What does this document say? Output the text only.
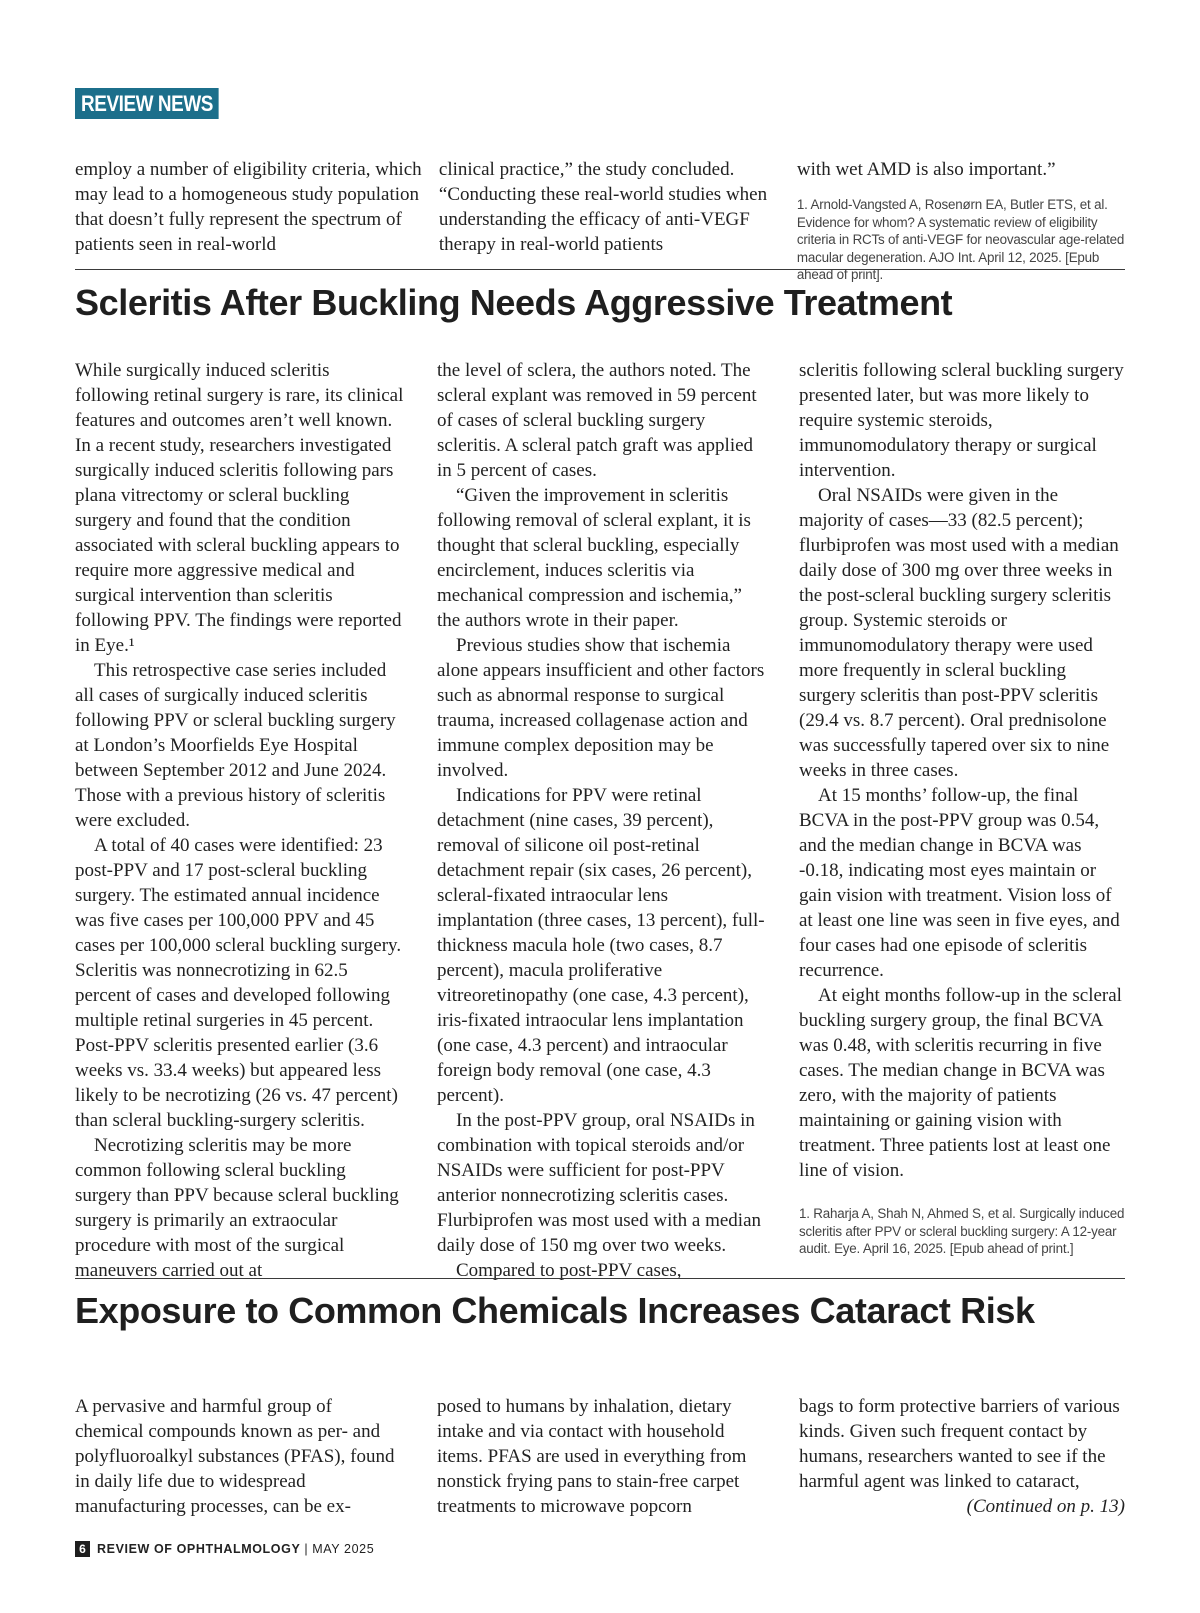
REVIEW NEWS

employ a number of eligibility criteria, which may lead to a homogeneous study population that doesn’t fully represent the spectrum of patients seen in real-world

clinical practice,” the study concluded. “Conducting these real-world studies when understanding the efficacy of anti-VEGF therapy in real-world patients

with wet AMD is also important.”

1. Arnold-Vangsted A, Rosenørn EA, Butler ETS, et al. Evidence for whom? A systematic review of eligibility criteria in RCTs of anti-VEGF for neovascular age-related macular degeneration. AJO Int. April 12, 2025. [Epub ahead of print].
Scleritis After Buckling Needs Aggressive Treatment

While surgically induced scleritis following retinal surgery is rare, its clinical features and outcomes aren’t well known. In a recent study, researchers investigated surgically induced scleritis following pars plana vitrectomy or scleral buckling surgery and found that the condition associated with scleral buckling appears to require more aggressive medical and surgical intervention than scleritis following PPV. The findings were reported in Eye.¹

This retrospective case series included all cases of surgically induced scleritis following PPV or scleral buckling surgery at London’s Moorfields Eye Hospital between September 2012 and June 2024. Those with a previous history of scleritis were excluded.

A total of 40 cases were identified: 23 post-PPV and 17 post-scleral buckling surgery. The estimated annual incidence was five cases per 100,000 PPV and 45 cases per 100,000 scleral buckling surgery. Scleritis was nonnecrotizing in 62.5 percent of cases and developed following multiple retinal surgeries in 45 percent. Post-PPV scleritis presented earlier (3.6 weeks vs. 33.4 weeks) but appeared less likely to be necrotizing (26 vs. 47 percent) than scleral buckling-surgery scleritis.

Necrotizing scleritis may be more common following scleral buckling surgery than PPV because scleral buckling surgery is primarily an extraocular procedure with most of the surgical maneuvers carried out at

the level of sclera, the authors noted. The scleral explant was removed in 59 percent of cases of scleral buckling surgery scleritis. A scleral patch graft was applied in 5 percent of cases.

“Given the improvement in scleritis following removal of scleral explant, it is thought that scleral buckling, especially encirclement, induces scleritis via mechanical compression and ischemia,” the authors wrote in their paper.

Previous studies show that ischemia alone appears insufficient and other factors such as abnormal response to surgical trauma, increased collagenase action and immune complex deposition may be involved.

Indications for PPV were retinal detachment (nine cases, 39 percent), removal of silicone oil post-retinal detachment repair (six cases, 26 percent), scleral-fixated intraocular lens implantation (three cases, 13 percent), full-thickness macula hole (two cases, 8.7 percent), macula proliferative vitreoretinopathy (one case, 4.3 percent), iris-fixated intraocular lens implantation (one case, 4.3 percent) and intraocular foreign body removal (one case, 4.3 percent).

In the post-PPV group, oral NSAIDs in combination with topical steroids and/or NSAIDs were sufficient for post-PPV anterior nonnecrotizing scleritis cases. Flurbiprofen was most used with a median daily dose of 150 mg over two weeks.

Compared to post-PPV cases,

scleritis following scleral buckling surgery presented later, but was more likely to require systemic steroids, immunomodulatory therapy or surgical intervention.

Oral NSAIDs were given in the majority of cases—33 (82.5 percent); flurbiprofen was most used with a median daily dose of 300 mg over three weeks in the post-scleral buckling surgery scleritis group. Systemic steroids or immunomodulatory therapy were used more frequently in scleral buckling surgery scleritis than post-PPV scleritis (29.4 vs. 8.7 percent). Oral prednisolone was successfully tapered over six to nine weeks in three cases.

At 15 months’ follow-up, the final BCVA in the post-PPV group was 0.54, and the median change in BCVA was -0.18, indicating most eyes maintain or gain vision with treatment. Vision loss of at least one line was seen in five eyes, and four cases had one episode of scleritis recurrence.

At eight months follow-up in the scleral buckling surgery group, the final BCVA was 0.48, with scleritis recurring in five cases. The median change in BCVA was zero, with the majority of patients maintaining or gaining vision with treatment. Three patients lost at least one line of vision.

1. Raharja A, Shah N, Ahmed S, et al. Surgically induced scleritis after PPV or scleral buckling surgery: A 12-year audit. Eye. April 16, 2025. [Epub ahead of print.]
Exposure to Common Chemicals Increases Cataract Risk

A pervasive and harmful group of chemical compounds known as per- and polyfluoroalkyl substances (PFAS), found in daily life due to widespread manufacturing processes, can be ex-

posed to humans by inhalation, dietary intake and via contact with household items. PFAS are used in everything from nonstick frying pans to stain-free carpet treatments to microwave popcorn

bags to form protective barriers of various kinds. Given such frequent contact by humans, researchers wanted to see if the harmful agent was linked to cataract,

(Continued on p. 13)

6 REVIEW OF OPHTHALMOLOGY | MAY 2025
